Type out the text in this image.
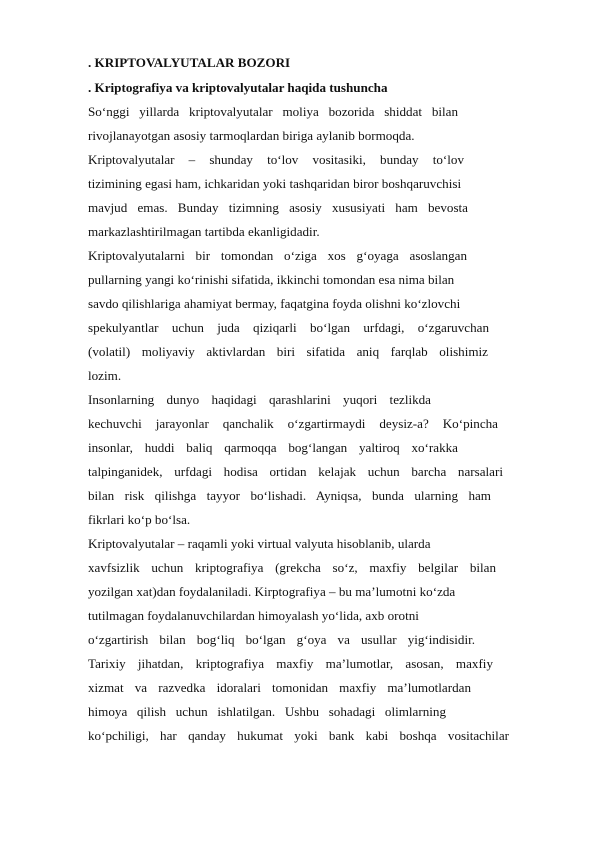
. KRIPTOVALYUTALAR BOZORI
. Kriptografiya va kriptovalyutalar haqida tushuncha
So‘nggi yillarda kriptovalyutalar moliya bozorida shiddat bilan
rivojlanayotgan asosiy tarmoqlardan biriga aylanib bormoqda.
Kriptovalyutalar – shunday to‘lov vositasiki, bunday to‘lov
tizimining egasi ham, ichkaridan yoki tashqaridan biror boshqaruvchisi
mavjud emas. Bunday tizimning asosiy xususiyati ham bevosta
markazlashtirilmagan tartibda ekanligidadir.
Kriptovalyutalarni bir tomondan o‘ziga xos g‘oyaga asoslangan
pullarning yangi ko‘rinishi sifatida, ikkinchi tomondan esa nima bilan
savdo qilishlariga ahamiyat bermay, faqatgina foyda olishni ko‘zlovchi
spekulyantlar uchun juda qiziqarli bo‘lgan urfdagi, o‘zgaruvchan
(volatil) moliyaviy aktivlardan biri sifatida aniq farqlab olishimiz
lozim.
Insonlarning dunyo haqidagi qarashlarini yuqori tezlikda
kechuvchi jarayonlar qanchalik o‘zgartirmaydi deysiz-a? Ko‘pincha
insonlar, huddi baliq qarmoqqa bog‘langan yaltiroq xo‘rakka
talpinganidek, urfdagi hodisa ortidan kelajak uchun barcha narsalari
bilan risk qilishga tayyor bo‘lishadi. Ayniqsa, bunda ularning ham
fikrlari ko‘p bo‘lsa.
Kriptovalyutalar – raqamli yoki virtual valyuta hisoblanib, ularda
xavfsizlik uchun kriptografiya (grekcha so‘z, maxfiy belgilar bilan
yozilgan xat)dan foydalaniladi. Kirptografiya – bu ma’lumotni ko‘zda
tutilmagan foydalanuvchilardan himoyalash yo‘lida, axb orotni
o‘zgartirish bilan bog‘liq bo‘lgan g‘oya va usullar yig‘indisidir.
Tarixiy jihatdan, kriptografiya maxfiy ma’lumotlar, asosan, maxfiy
xizmat va razvedka idoralari tomonidan maxfiy ma’lumotlardan
himoya qilish uchun ishlatilgan. Ushbu sohadagi olimlarning
ko‘pchiligi, har qanday hukumat yoki bank kabi boshqa vositachilar
